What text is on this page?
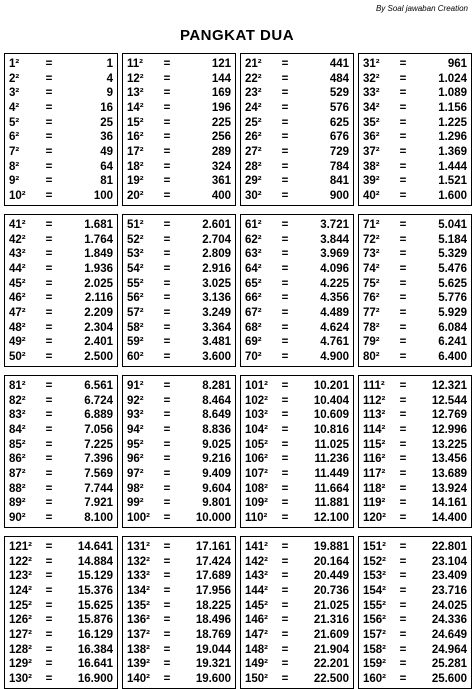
By Soal jawaban Creation
PANGKAT DUA
1²	=	1
2²	=	4
3²	=	9
4²	=	16
5²	=	25
6²	=	36
7²	=	49
8²	=	64
9²	=	81
10²	=	100
11²	=	121
12²	=	144
13²	=	169
14²	=	196
15²	=	225
16²	=	256
17²	=	289
18²	=	324
19²	=	361
20²	=	400
21²	=	441
22²	=	484
23²	=	529
24²	=	576
25²	=	625
26²	=	676
27²	=	729
28²	=	784
29²	=	841
30²	=	900
31²	=	961
32²	=	1.024
33²	=	1.089
34²	=	1.156
35²	=	1.225
36²	=	1.296
37²	=	1.369
38²	=	1.444
39²	=	1.521
40²	=	1.600
41²	=	1.681
42²	=	1.764
43²	=	1.849
44²	=	1.936
45²	=	2.025
46²	=	2.116
47²	=	2.209
48²	=	2.304
49²	=	2.401
50²	=	2.500
51²	=	2.601
52²	=	2.704
53²	=	2.809
54²	=	2.916
55²	=	3.025
56²	=	3.136
57²	=	3.249
58²	=	3.364
59²	=	3.481
60²	=	3.600
61²	=	3.721
62²	=	3.844
63²	=	3.969
64²	=	4.096
65²	=	4.225
66²	=	4.356
67²	=	4.489
68²	=	4.624
69²	=	4.761
70²	=	4.900
71²	=	5.041
72²	=	5.184
73²	=	5.329
74²	=	5.476
75²	=	5.625
76²	=	5.776
77²	=	5.929
78²	=	6.084
79²	=	6.241
80²	=	6.400
81²	=	6.561
82²	=	6.724
83²	=	6.889
84²	=	7.056
85²	=	7.225
86²	=	7.396
87²	=	7.569
88²	=	7.744
89²	=	7.921
90²	=	8.100
91²	=	8.281
92²	=	8.464
93²	=	8.649
94²	=	8.836
95²	=	9.025
96²	=	9.216
97²	=	9.409
98²	=	9.604
99²	=	9.801
100²	=	10.000
101²	=	10.201
102²	=	10.404
103²	=	10.609
104²	=	10.816
105²	=	11.025
106²	=	11.236
107²	=	11.449
108²	=	11.664
109²	=	11.881
110²	=	12.100
111²	=	12.321
112²	=	12.544
113²	=	12.769
114²	=	12.996
115²	=	13.225
116²	=	13.456
117²	=	13.689
118²	=	13.924
119²	=	14.161
120²	=	14.400
121²	=	14.641
122²	=	14.884
123²	=	15.129
124²	=	15.376
125²	=	15.625
126²	=	15.876
127²	=	16.129
128²	=	16.384
129²	=	16.641
130²	=	16.900
131²	=	17.161
132²	=	17.424
133²	=	17.689
134²	=	17.956
135²	=	18.225
136²	=	18.496
137²	=	18.769
138²	=	19.044
139²	=	19.321
140²	=	19.600
141²	=	19.881
142²	=	20.164
143²	=	20.449
144²	=	20.736
145²	=	21.025
146²	=	21.316
147²	=	21.609
148²	=	21.904
149²	=	22.201
150²	=	22.500
151²	=	22.801
152²	=	23.104
153²	=	23.409
154²	=	23.716
155²	=	24.025
156²	=	24.336
157²	=	24.649
158²	=	24.964
159²	=	25.281
160²	=	25.600
